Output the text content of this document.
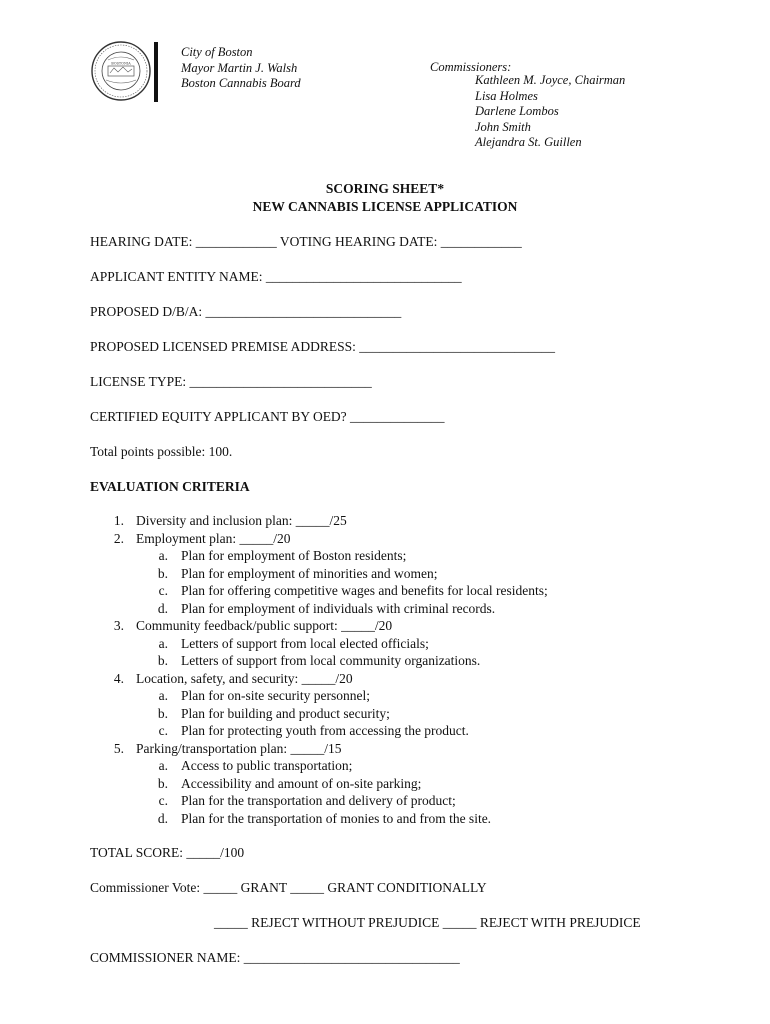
BOSTONIA
City of Boston
Mayor Martin J. Walsh
Boston Cannabis Board
Commissioners:
Kathleen M. Joyce, Chairman
Lisa Holmes
Darlene Lombos
John Smith
Alejandra St. Guillen
SCORING SHEET*
NEW CANNABIS LICENSE APPLICATION
HEARING DATE: ____________ VOTING HEARING DATE: ____________
APPLICANT ENTITY NAME: _____________________________
PROPOSED D/B/A: _____________________________
PROPOSED LICENSED PREMISE ADDRESS: _____________________________
LICENSE TYPE: ___________________________
CERTIFIED EQUITY APPLICANT BY OED? ______________
Total points possible: 100.
EVALUATION CRITERIA
1. Diversity and inclusion plan: _____/25
2. Employment plan: _____/20
a. Plan for employment of Boston residents;
b. Plan for employment of minorities and women;
c. Plan for offering competitive wages and benefits for local residents;
d. Plan for employment of individuals with criminal records.
3. Community feedback/public support: _____/20
a. Letters of support from local elected officials;
b. Letters of support from local community organizations.
4. Location, safety, and security: _____/20
a. Plan for on-site security personnel;
b. Plan for building and product security;
c. Plan for protecting youth from accessing the product.
5. Parking/transportation plan: _____/15
a. Access to public transportation;
b. Accessibility and amount of on-site parking;
c. Plan for the transportation and delivery of product;
d. Plan for the transportation of monies to and from the site.
TOTAL SCORE: _____/100
Commissioner Vote: _____ GRANT _____ GRANT CONDITIONALLY
_____ REJECT WITHOUT PREJUDICE _____ REJECT WITH PREJUDICE
COMMISSIONER NAME: ________________________________
